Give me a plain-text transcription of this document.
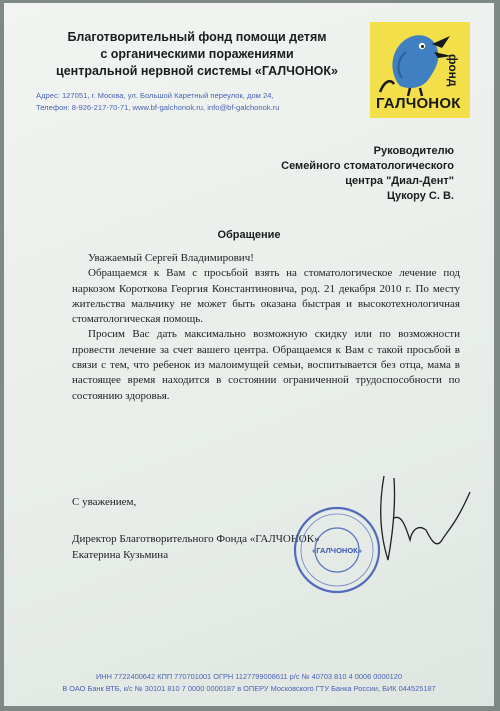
Благотворительный фонд помощи детям
с органическими поражениями
центральной нервной системы «ГАЛЧОНОК»
Адрес: 127051, г. Москва, ул. Большой Каретный переулок, дом 24,
Телефон: 8-926-217-70-71, www.bf-galchonok.ru, info@bf-galchonok.ru
фонд
ГАЛЧОНОК
Руководителю
Семейного стоматологического
центра "Диал-Дент"
Цукору С. В.
Обращение

Уважаемый Сергей Владимирович!

Обращаемся к Вам с просьбой взять на стоматологическое лечение под наркозом Короткова Георгия Константиновича, род. 21 декабря 2010 г. По месту жительства мальчику не может быть оказана быстрая и высокотехнологичная стоматологическая помощь.

Просим Вас дать максимально возможную скидку или по возможности провести лечение за счет вашего центра. Обращаемся к Вам с такой просьбой в связи с тем, что ребенок из малоимущей семьи, воспитывается без отца, мама в настоящее время находится в состоянии ограниченной трудоспособности по состоянию здоровья.

С уважением,
Директор Благотворительного Фонда «ГАЛЧОНОК»
Екатерина Кузьмина	«ГАЛЧОНОК»
ИНН 7722400642 КПП 770701001 ОГРН 1127799008611 р/с № 40703 810 4 0006 0000120
В ОАО Банк ВТБ, к/с № 30101 810 7 0000 0000187 в ОПЕРУ Московского ГТУ Банка России, БИК 044525187
